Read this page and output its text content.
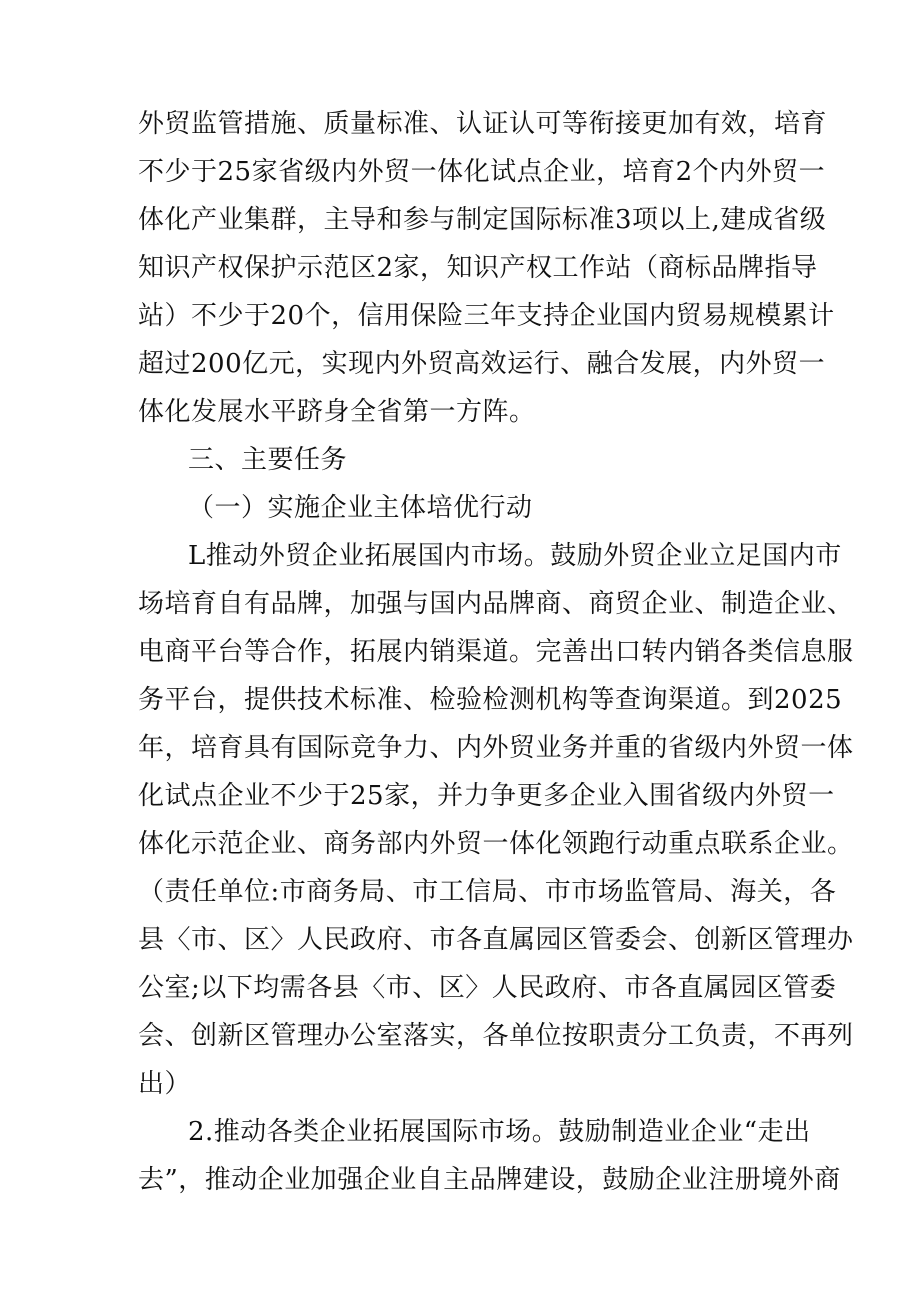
外贸监管措施、质量标准、认证认可等衔接更加有效，培育
不少于25家省级内外贸一体化试点企业，培育2个内外贸一
体化产业集群，主导和参与制定国际标准3项以上,建成省级
知识产权保护示范区2家，知识产权工作站（商标品牌指导
站）不少于20个，信用保险三年支持企业国内贸易规模累计
超过200亿元，实现内外贸高效运行、融合发展，内外贸一
体化发展水平跻身全省第一方阵。
三、主要任务
（一）实施企业主体培优行动
L推动外贸企业拓展国内市场。鼓励外贸企业立足国内市
场培育自有品牌，加强与国内品牌商、商贸企业、制造企业、
电商平台等合作，拓展内销渠道。完善出口转内销各类信息服
务平台，提供技术标准、检验检测机构等查询渠道。到2025
年，培育具有国际竞争力、内外贸业务并重的省级内外贸一体
化试点企业不少于25家，并力争更多企业入围省级内外贸一
体化示范企业、商务部内外贸一体化领跑行动重点联系企业。
（责任单位:市商务局、市工信局、市市场监管局、海关，各
县〈市、区〉人民政府、市各直属园区管委会、创新区管理办
公室;以下均需各县〈市、区〉人民政府、市各直属园区管委
会、创新区管理办公室落实，各单位按职责分工负责，不再列
出）
2.推动各类企业拓展国际市场。鼓励制造业企业“走出
去”，推动企业加强企业自主品牌建设，鼓励企业注册境外商
